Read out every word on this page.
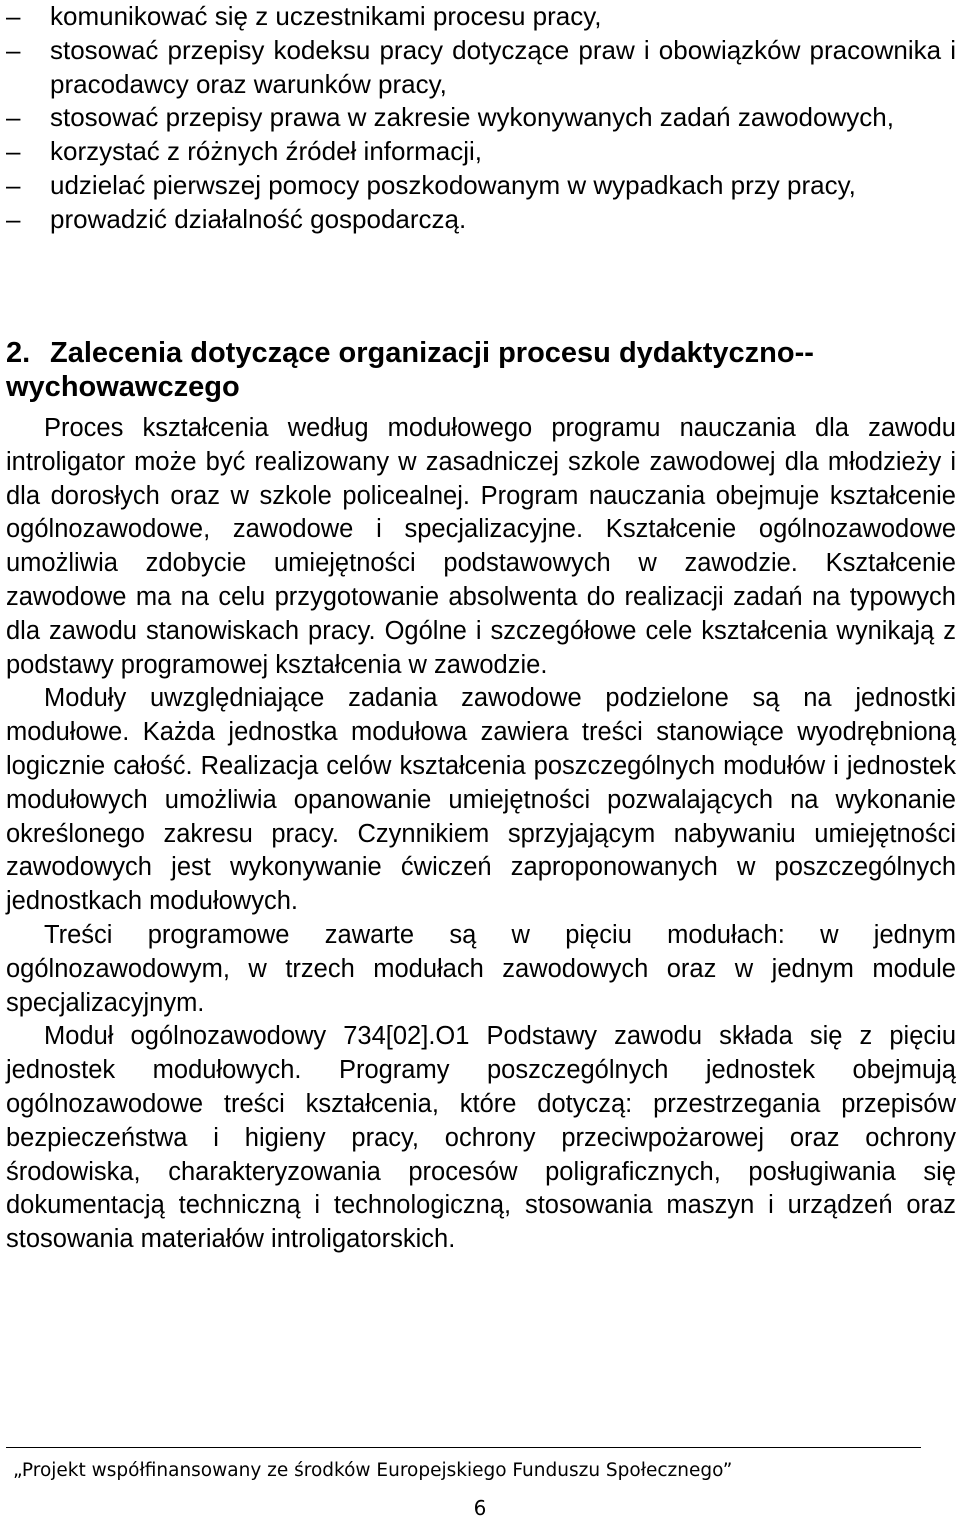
– komunikować się z uczestnikami procesu pracy,
– stosować przepisy kodeksu pracy dotyczące praw i obowiązków pracownika i pracodawcy oraz warunków pracy,
– stosować przepisy prawa w zakresie wykonywanych zadań zawodowych,
– korzystać z różnych źródeł informacji,
– udzielać pierwszej pomocy poszkodowanym w wypadkach przy pracy,
– prowadzić działalność gospodarczą.
2. Zalecenia dotyczące organizacji procesu dydaktyczno--wychowawczego

Proces kształcenia według modułowego programu nauczania dla zawodu introligator może być realizowany w zasadniczej szkole zawodowej dla młodzieży i dla dorosłych oraz w szkole policealnej. Program nauczania obejmuje kształcenie ogólnozawodowe, zawodowe i specjalizacyjne. Kształcenie ogólnozawodowe umożliwia zdobycie umiejętności podstawowych w zawodzie. Kształcenie zawodowe ma na celu przygotowanie absolwenta do realizacji zadań na typowych dla zawodu stanowiskach pracy. Ogólne i szczegółowe cele kształcenia wynikają z podstawy programowej kształcenia w zawodzie.

Moduły uwzględniające zadania zawodowe podzielone są na jednostki modułowe. Każda jednostka modułowa zawiera treści stanowiące wyodrębnioną logicznie całość. Realizacja celów kształcenia poszczególnych modułów i jednostek modułowych umożliwia opanowanie umiejętności pozwalających na wykonanie określonego zakresu pracy. Czynnikiem sprzyjającym nabywaniu umiejętności zawodowych jest wykonywanie ćwiczeń zaproponowanych w poszczególnych jednostkach modułowych.

Treści programowe zawarte są w pięciu modułach: w jednym ogólnozawodowym, w trzech modułach zawodowych oraz w jednym module specjalizacyjnym.

Moduł ogólnozawodowy 734[02].O1 Podstawy zawodu składa się z pięciu jednostek modułowych. Programy poszczególnych jednostek obejmują ogólnozawodowe treści kształcenia, które dotyczą: przestrzegania przepisów bezpieczeństwa i higieny pracy, ochrony przeciwpożarowej oraz ochrony środowiska, charakteryzowania procesów poligraficznych, posługiwania się dokumentacją techniczną i technologiczną, stosowania maszyn i urządzeń oraz stosowania materiałów introligatorskich.

„Projekt współfinansowany ze środków Europejskiego Funduszu Społecznego”
6
